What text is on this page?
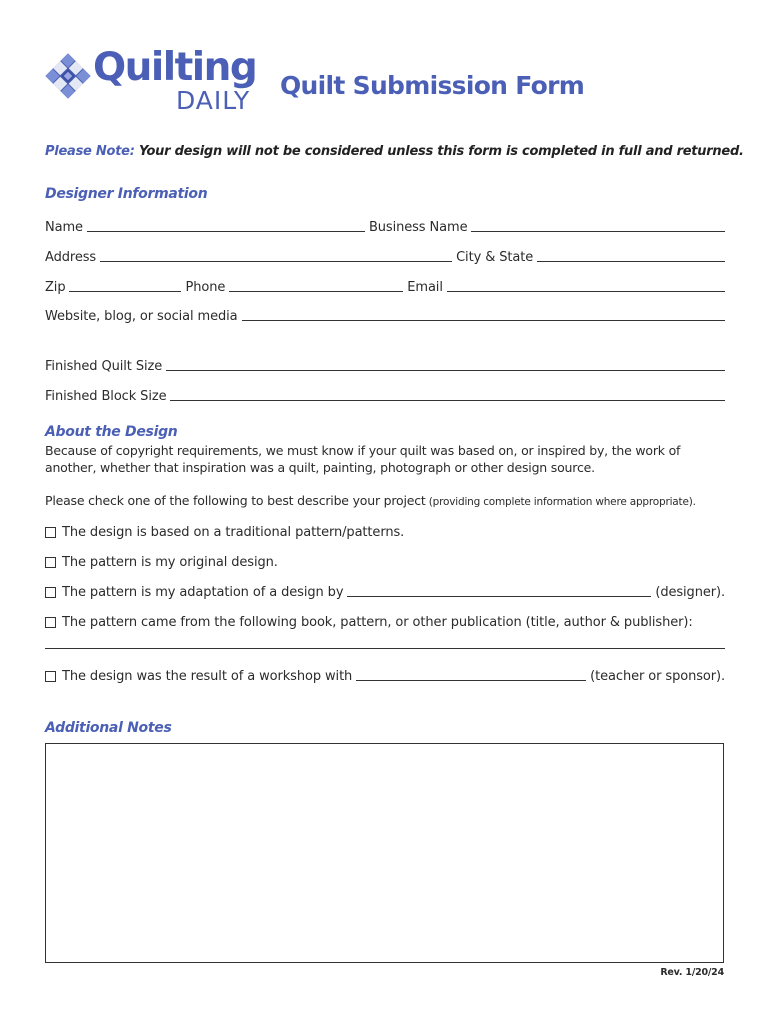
Quilting
DAILY
Quilt Submission Form
Please Note: Your design will not be considered unless this form is completed in full and returned.
Designer Information
Name	Business Name
Address	City & State
Zip	Phone	Email
Website, blog, or social media
Finished Quilt Size
Finished Block Size
About the Design
Because of copyright requirements, we must know if your quilt was based on, or inspired by, the work of another, whether that inspiration was a quilt, painting, photograph or other design source.
Please check one of the following to best describe your project (providing complete information where appropriate).
The design is based on a traditional pattern/patterns.
The pattern is my original design.
The pattern is my adaptation of a design by	(designer).
The pattern came from the following book, pattern, or other publication (title, author & publisher):
The design was the result of a workshop with	(teacher or sponsor).
Additional Notes
Rev. 1/20/24
